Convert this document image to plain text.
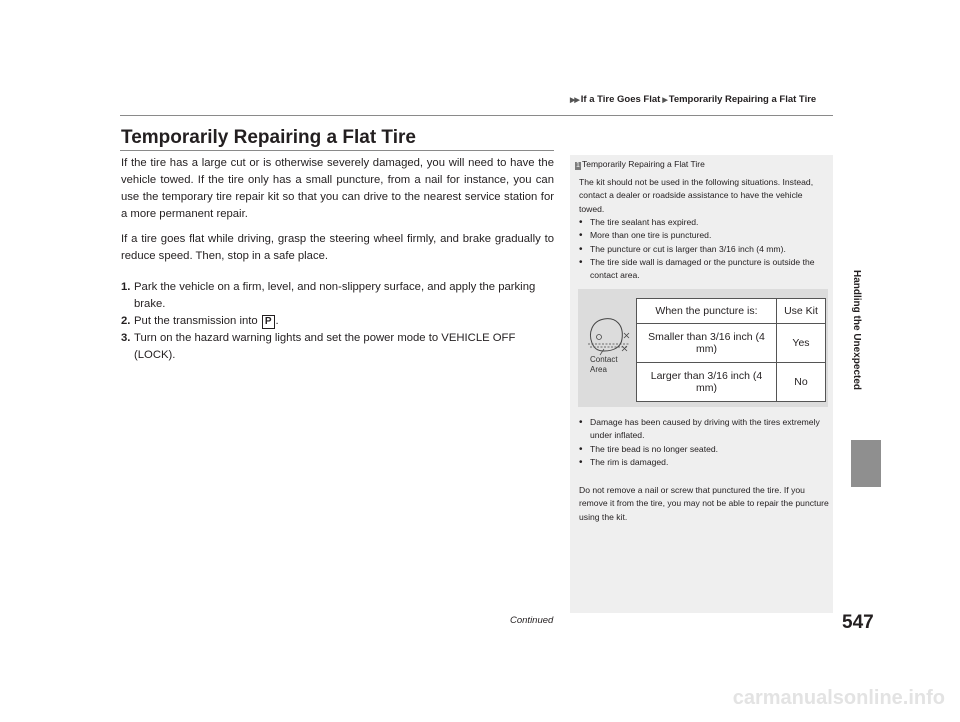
▶▶ If a Tire Goes Flat ▶ Temporarily Repairing a Flat Tire
Temporarily Repairing a Flat Tire

If the tire has a large cut or is otherwise severely damaged, you will need to have the vehicle towed. If the tire only has a small puncture, from a nail for instance, you can use the temporary tire repair kit so that you can drive to the nearest service station for a more permanent repair.

If a tire goes flat while driving, grasp the steering wheel firmly, and brake gradually to reduce speed. Then, stop in a safe place.

1. Park the vehicle on a firm, level, and non-slippery surface, and apply the parking brake.
2. Put the transmission into P .
3. Turn on the hazard warning lights and set the power mode to VEHICLE OFF (LOCK).
1 Temporarily Repairing a Flat Tire
The kit should not be used in the following situations. Instead, contact a dealer or roadside assistance to have the vehicle towed.
• The tire sealant has expired.
• More than one tire is punctured.
• The puncture or cut is larger than 3/16 inch (4 mm).
• The tire side wall is damaged or the puncture is outside the contact area.
Contact Area
When the puncture is:	Use Kit
Smaller than 3/16 inch (4 mm)	Yes
Larger than 3/16 inch (4 mm)	No
• Damage has been caused by driving with the tires extremely under inflated.
• The tire bead is no longer seated.
• The rim is damaged.
Do not remove a nail or screw that punctured the tire. If you remove it from the tire, you may not be able to repair the puncture using the kit.
Continued	547
Handling the Unexpected
carmanualsonline.info
